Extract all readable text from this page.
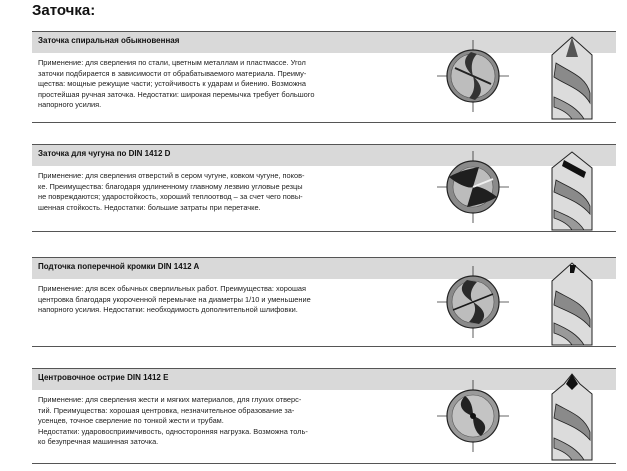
Заточка:
Заточка спиральная обыкновенная
Применение: для сверления по стали, цветным металлам и пластмассе. Угол
заточки подбирается в зависимости от обрабатываемого материала. Преиму-
щества: мощные режущие части; устойчивость к ударам и биению. Возможна
простейшая ручная заточка. Недостатки: широкая перемычка требует большого
напорного усилия.
Заточка для чугуна по DIN 1412 D
Применение: для сверления отверстий в сером чугуне, ковком чугуне, поков-
ке. Преимущества: благодаря удлиненному главному лезвию угловые резцы
не повреждаются; ударостойкость, хороший теплоотвод – за счет чего повы-
шенная стойкость. Недостатки: большие затраты при перетачке.
Подточка поперечной кромки DIN 1412 A
Применение: для всех обычных сверлильных работ. Преимущества: хорошая
центровка благодаря укороченной перемычке на диаметры 1/10 и уменьшение
напорного усилия. Недостатки: необходимость дополнительной шлифовки.
Центровочное острие DIN 1412 E
Применение: для сверления жести и мягких материалов, для глухих отверс-
тий. Преимущества: хорошая центровка, незначительное образование за-
усенцев, точное сверление по тонкой жести и трубам.
Недостатки: ударовосприимчивость, односторонняя нагрузка. Возможна толь-
ко безупречная машинная заточка.
